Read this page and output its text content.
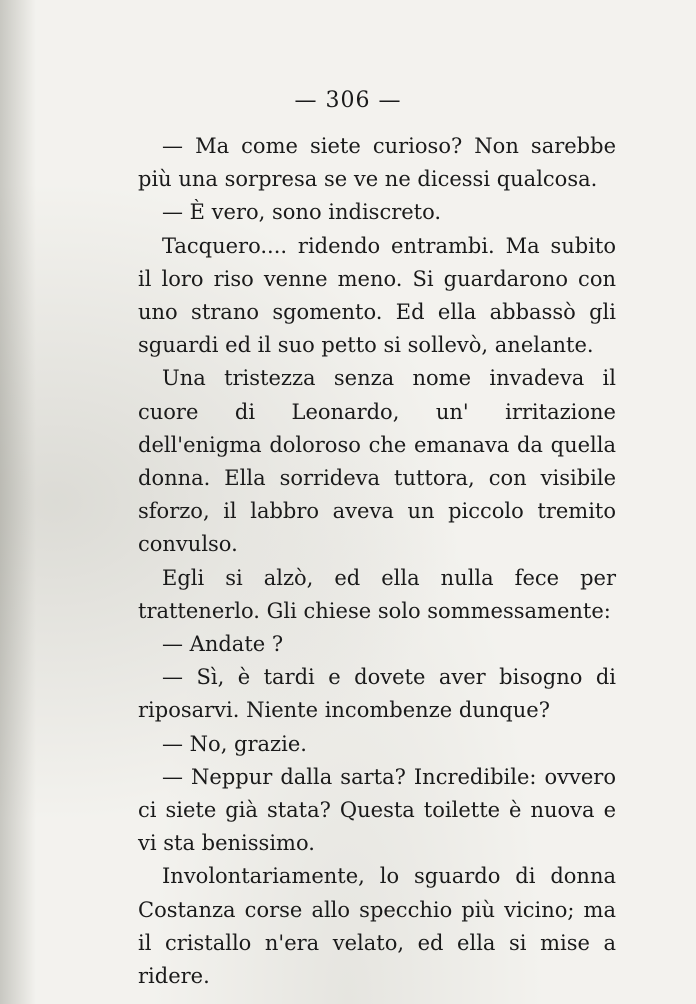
— 306 —

— Ma come siete curioso? Non sarebbe più una sorpresa se ve ne dicessi qualcosa.

— È vero, sono indiscreto.

Tacquero.... ridendo entrambi. Ma subito il loro riso venne meno. Si guardarono con uno strano sgomento. Ed ella abbassò gli sguardi ed il suo petto si sollevò, anelante.

Una tristezza senza nome invadeva il cuore di Leonardo, un' irritazione dell'enigma doloroso che emanava da quella donna. Ella sorrideva tuttora, con visibile sforzo, il labbro aveva un piccolo tremito convulso.

Egli si alzò, ed ella nulla fece per trattenerlo. Gli chiese solo sommessamente:

— Andate ?

— Sì, è tardi e dovete aver bisogno di riposarvi. Niente incombenze dunque?

— No, grazie.

— Neppur dalla sarta? Incredibile: ovvero ci siete già stata? Questa toilette è nuova e vi sta benissimo.

Involontariamente, lo sguardo di donna Costanza corse allo specchio più vicino; ma il cristallo n'era velato, ed ella si mise a ridere.
